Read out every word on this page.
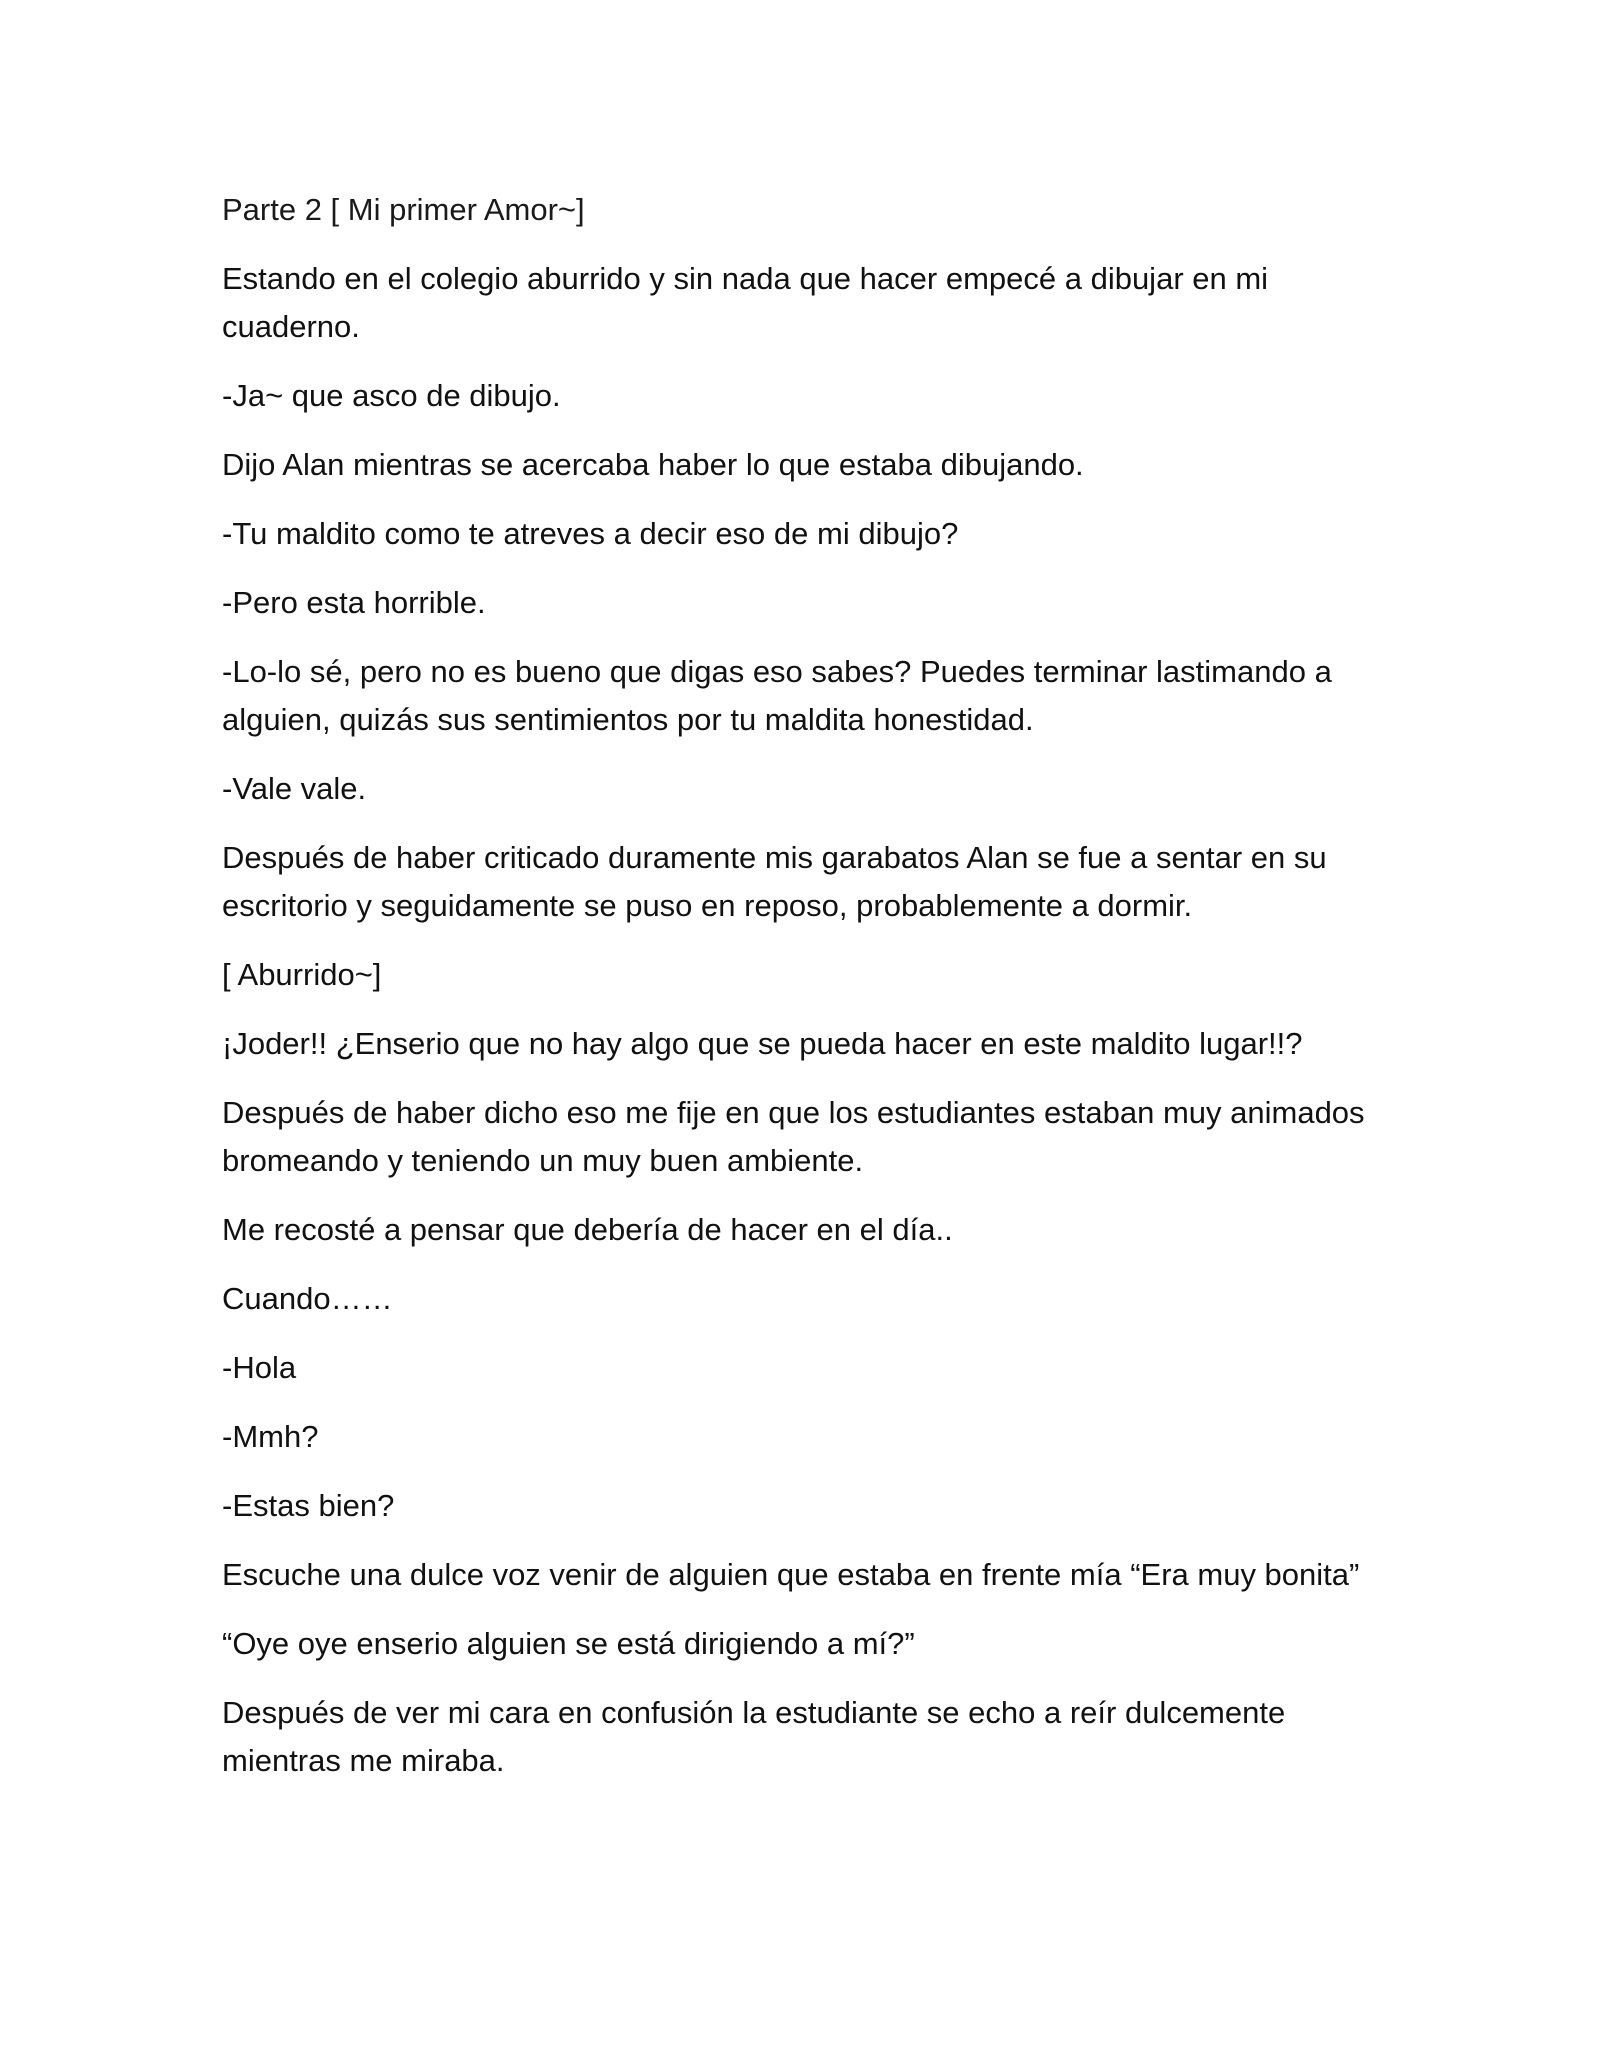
Parte 2 [ Mi primer Amor~]

Estando en el colegio aburrido y sin nada que hacer empecé a dibujar en mi cuaderno.

-Ja~ que asco de dibujo.

Dijo Alan mientras se acercaba haber lo que estaba dibujando.

-Tu maldito como te atreves a decir eso de mi dibujo?

-Pero esta horrible.

-Lo-lo sé, pero no es bueno que digas eso sabes? Puedes terminar lastimando a alguien, quizás sus sentimientos por tu maldita honestidad.

-Vale vale.

Después de haber criticado duramente mis garabatos Alan se fue a sentar en su escritorio y seguidamente se puso en reposo, probablemente a dormir.

[ Aburrido~]

¡Joder!! ¿Enserio que no hay algo que se pueda hacer en este maldito lugar!!?

Después de haber dicho eso me fije en que los estudiantes estaban muy animados bromeando y teniendo un muy buen ambiente.

Me recosté a pensar que debería de hacer en el día..

Cuando……

-Hola

-Mmh?

-Estas bien?

Escuche una dulce voz venir de alguien que estaba en frente mía “Era muy bonita”

“Oye oye enserio alguien se está dirigiendo a mí?”

Después de ver mi cara en confusión la estudiante se echo a reír dulcemente mientras me miraba.
